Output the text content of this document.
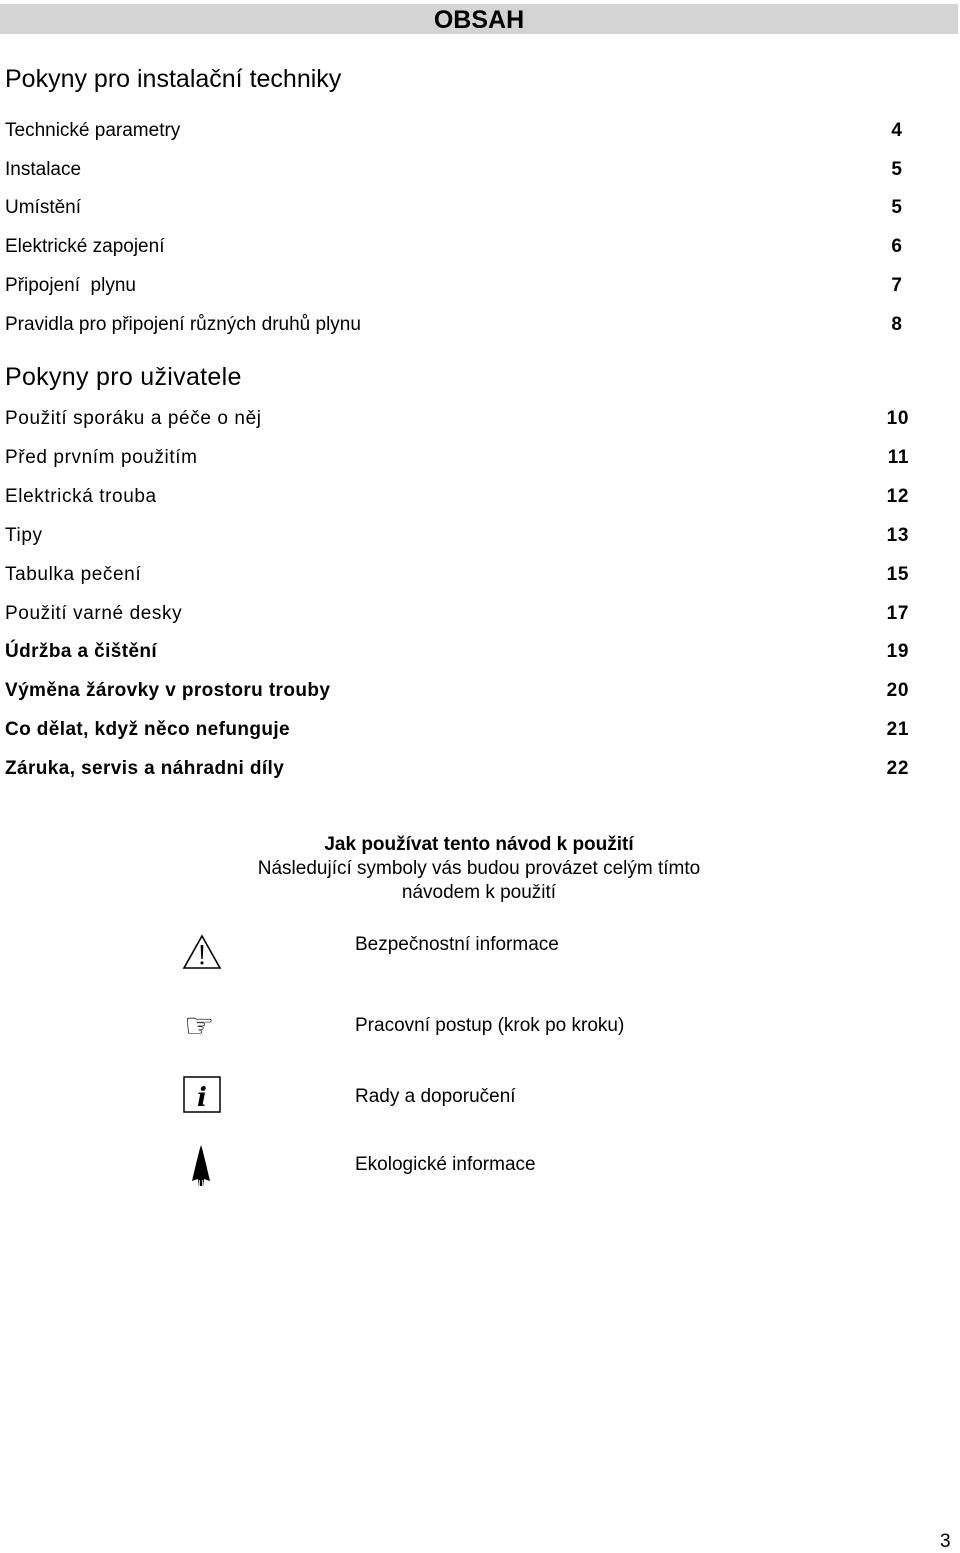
OBSAH
Pokyny pro instalační techniky
Technické parametry	4
Instalace	5
Umístění	5
Elektrické zapojení	6
Připojení  plynu	7
Pravidla pro připojení různých druhů plynu	8
Pokyny pro uživatele
Použití sporáku a péče o něj	10
Před prvním použitím	11
Elektrická trouba	12
Tipy	13
Tabulka pečení	15
Použití varné desky	17
Údržba a čištění	19
Výměna žárovky v prostoru trouby	20
Co dělat, když něco nefunguje	21
Záruka, servis a náhradni díly	22
Jak používat tento návod k použití
Následující symboly vás budou provázet celým tímto návodem k použití
Bezpečnostní informace
☞	Pracovní postup (krok po kroku)
i	Rady a doporučení
Ekologické informace
3
